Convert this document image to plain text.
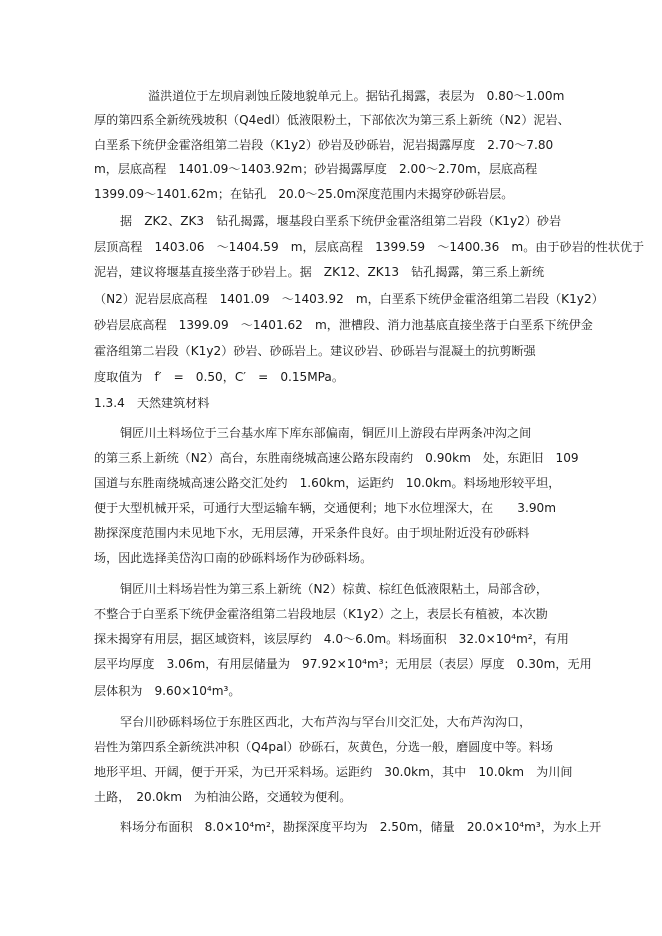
溢洪道位于左坝肩剥蚀丘陵地貌单元上。据钻孔揭露，表层为　0.80～1.00m
厚的第四系全新统残坡积（Q4edl）低液限粉土，下部依次为第三系上新统（N2）泥岩、
白垩系下统伊金霍洛组第二岩段（K1y2）砂岩及砂砾岩，泥岩揭露厚度　2.70～7.80
m，层底高程　1401.09～1403.92m；砂岩揭露厚度　2.00～2.70m，层底高程
1399.09～1401.62m；在钻孔　20.0～25.0m深度范围内未揭穿砂砾岩层。
据　ZK2、ZK3　钻孔揭露，堰基段白垩系下统伊金霍洛组第二岩段（K1y2）砂岩
层顶高程　1403.06　～1404.59　m，层底高程　1399.59　～1400.36　m。由于砂岩的性状优于
泥岩，建议将堰基直接坐落于砂岩上。据　ZK12、ZK13　钻孔揭露，第三系上新统
（N2）泥岩层底高程　1401.09　～1403.92　m，白垩系下统伊金霍洛组第二岩段（K1y2）
砂岩层底高程　1399.09　～1401.62　m，泄槽段、消力池基底直接坐落于白垩系下统伊金
霍洛组第二岩段（K1y2）砂岩、砂砾岩上。建议砂岩、砂砾岩与混凝土的抗剪断强
度取值为　f′　=　0.50，C′　=　0.15MPa。
1.3.4　天然建筑材料
铜匠川土料场位于三台基水库下库东部偏南，铜匠川上游段右岸两条冲沟之间
的第三系上新统（N2）高台，东胜南绕城高速公路东段南约　0.90km　处，东距旧　109
国道与东胜南绕城高速公路交汇处约　1.60km，运距约　10.0km。料场地形较平坦，
便于大型机械开采，可通行大型运输车辆，交通便利；地下水位埋深大，在　　3.90m
勘探深度范围内未见地下水，无用层薄，开采条件良好。由于坝址附近没有砂砾料
场，因此选择美岱沟口南的砂砾料场作为砂砾料场。
铜匠川土料场岩性为第三系上新统（N2）棕黄、棕红色低液限粘土，局部含砂，
不整合于白垩系下统伊金霍洛组第二岩段地层（K1y2）之上，表层长有植被，本次勘
探未揭穿有用层，据区域资料，该层厚约　4.0～6.0m。料场面积　32.0×10⁴m²，有用
层平均厚度　3.06m，有用层储量为　97.92×10⁴m³；无用层（表层）厚度　0.30m，无用
层体积为　9.60×10⁴m³。
罕台川砂砾料场位于东胜区西北，大布芦沟与罕台川交汇处，大布芦沟沟口，
岩性为第四系全新统洪冲积（Q4pal）砂砾石，灰黄色，分选一般，磨圆度中等。料场
地形平坦、开阔，便于开采，为已开采料场。运距约　30.0km，其中　10.0km　为川间
土路，　20.0km　为柏油公路，交通较为便利。
料场分布面积　8.0×10⁴m²，勘探深度平均为　2.50m，储量　20.0×10⁴m³，为水上开
